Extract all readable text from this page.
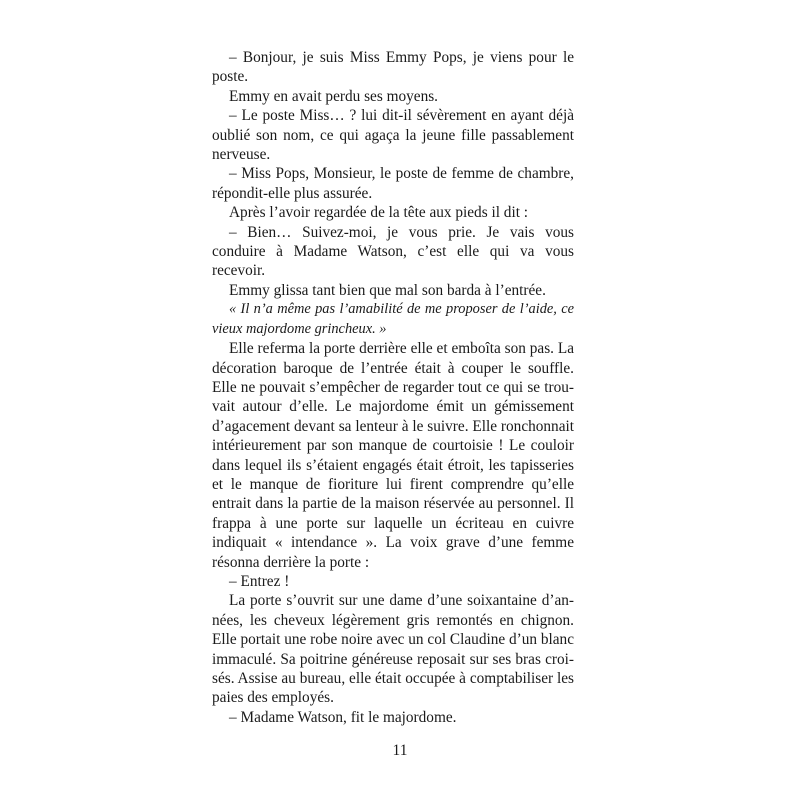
– Bonjour, je suis Miss Emmy Pops, je viens pour le poste.

Emmy en avait perdu ses moyens.

– Le poste Miss… ? lui dit-il sévèrement en ayant déjà oublié son nom, ce qui agaça la jeune fille passablement nerveuse.

– Miss Pops, Monsieur, le poste de femme de chambre, répondit-elle plus assurée.

Après l’avoir regardée de la tête aux pieds il dit :

– Bien… Suivez-moi, je vous prie. Je vais vous conduire à Madame Watson, c’est elle qui va vous recevoir.

Emmy glissa tant bien que mal son barda à l’entrée.

« Il n’a même pas l’amabilité de me proposer de l’aide, ce vieux majordome grincheux. »

Elle referma la porte derrière elle et emboîta son pas. La décoration baroque de l’entrée était à couper le souffle. Elle ne pouvait s’empêcher de regarder tout ce qui se trouvait autour d’elle. Le majordome émit un gémissement d’agacement devant sa lenteur à le suivre. Elle ronchonnait intérieurement par son manque de courtoisie ! Le couloir dans lequel ils s’étaient engagés était étroit, les tapisseries et le manque de fioriture lui firent comprendre qu’elle entrait dans la partie de la maison réservée au personnel. Il frappa à une porte sur laquelle un écriteau en cuivre indiquait « intendance ». La voix grave d’une femme résonna derrière la porte :

– Entrez !

La porte s’ouvrit sur une dame d’une soixantaine d’années, les cheveux légèrement gris remontés en chignon. Elle portait une robe noire avec un col Claudine d’un blanc immaculé. Sa poitrine généreuse reposait sur ses bras croisés. Assise au bureau, elle était occupée à comptabiliser les paies des employés.

– Madame Watson, fit le majordome.

11
